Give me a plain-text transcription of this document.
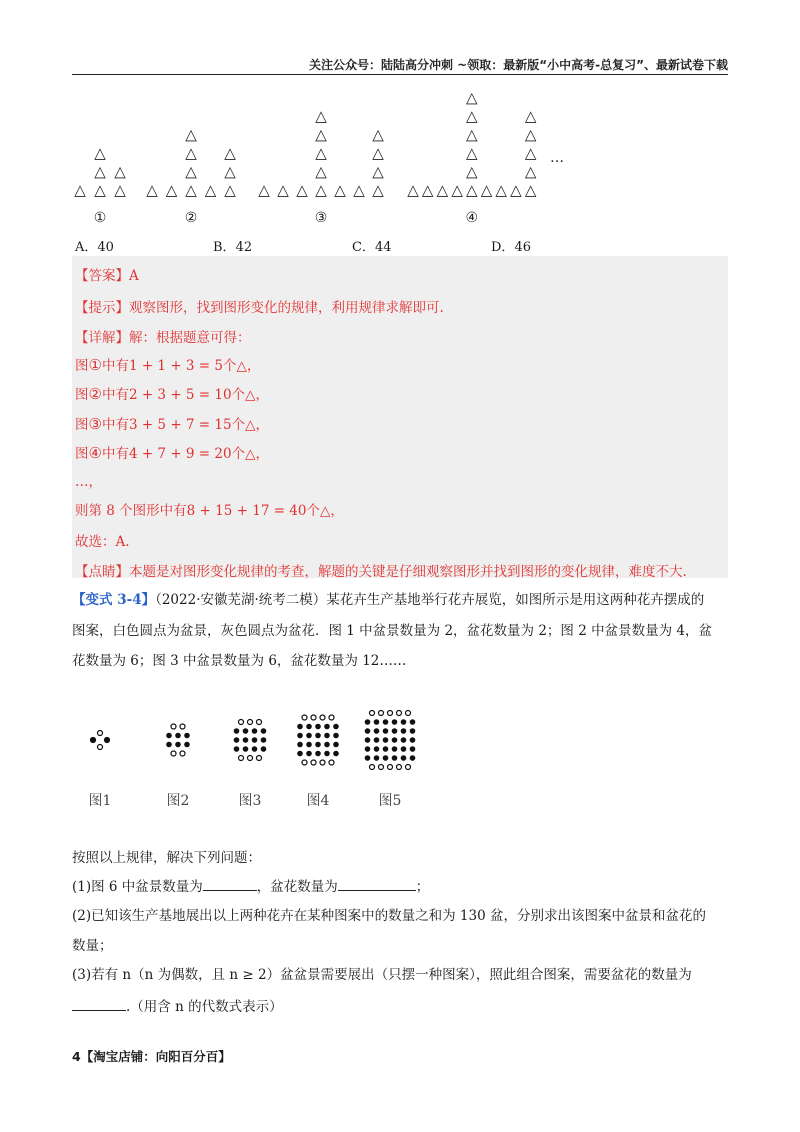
关注公众号：陆陆高分冲刺 ~领取：最新版“小中高考-总复习”、最新试卷下载
△ △ △
△
△
△
①
△ △ △ △ △
△
△
△
△
△
②
△ △ △ △ △ △ △
△
△
△
△
△
△
△
③
△ △ △ △ △ △ △ △ △
△
△
△
△
△
△
△
△
△
④
…
A．40	B．42	C．44	D．46
【答案】A
【提示】观察图形，找到图形变化的规律，利用规律求解即可.
【详解】解：根据题意可得：
图①中有1 + 1 + 3 = 5个△，
图②中有2 + 3 + 5 = 10个△，
图③中有3 + 5 + 7 = 15个△，
图④中有4 + 7 + 9 = 20个△，
…，
则第 8 个图形中有8 + 15 + 17 = 40个△，
故选：A.
【点睛】本题是对图形变化规律的考查，解题的关键是仔细观察图形并找到图形的变化规律，难度不大.
【变式 3-4】（2022·安徽芜湖·统考二模）某花卉生产基地举行花卉展览，如图所示是用这两种花卉摆成的
图案，白色圆点为盆景，灰色圆点为盆花．图 1 中盆景数量为 2，盆花数量为 2；图 2 中盆景数量为 4，盆
花数量为 6；图 3 中盆景数量为 6，盆花数量为 12……
图1	图2	图3	图4	图5
按照以上规律，解决下列问题：
(1)图 6 中盆景数量为	，盆花数量为	；
(2)已知该生产基地展出以上两种花卉在某种图案中的数量之和为 130 盆，分别求出该图案中盆景和盆花的
数量；
(3)若有 n（n 为偶数，且 n ≥ 2）盆盆景需要展出（只摆一种图案），照此组合图案，需要盆花的数量为
.（用含 n 的代数式表示）
4【淘宝店铺：向阳百分百】
